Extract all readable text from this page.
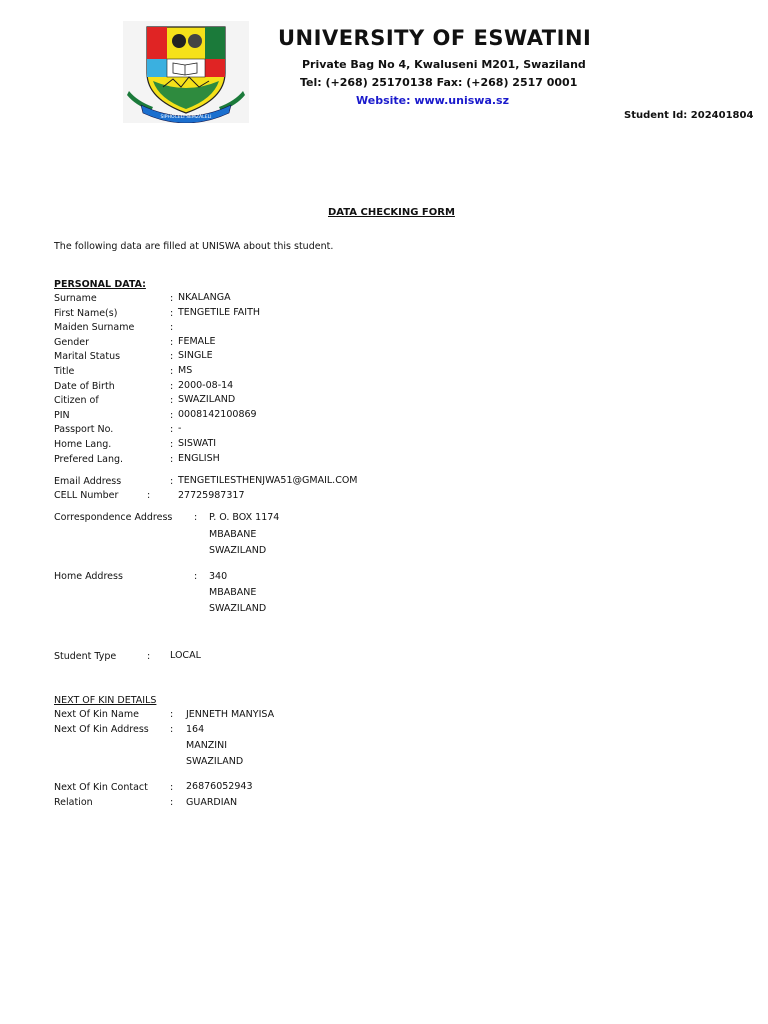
SIPHOCELI SEMZALELI
UNIVERSITY OF ESWATINI
Private Bag No 4, Kwaluseni M201, Swaziland
Tel: (+268) 25170138 Fax: (+268) 2517 0001
Website: www.uniswa.sz
Student Id: 202401804
DATA CHECKING FORM
The following data are filled at UNISWA about this student.
PERSONAL DATA:
Surname	: NKALANGA
First Name(s)	: TENGETILE FAITH
Maiden Surname	:
Gender	: FEMALE
Marital Status	: SINGLE
Title	: MS
Date of Birth	: 2000-08-14
Citizen of	: SWAZILAND
PIN	: 0008142100869
Passport No.	: -
Home Lang.	: SISWATI
Prefered Lang.	: ENGLISH
Email Address	: TENGETILESTHENJWA51@GMAIL.COM
CELL Number	:	27725987317
Correspondence Address : P. O. BOX 1174
MBABANE
SWAZILAND
Home Address	: 340
MBABANE
SWAZILAND
Student Type	: LOCAL
NEXT OF KIN DETAILS
Next Of Kin Name	: JENNETH MANYISA
Next Of Kin Address : 164
MANZINI
SWAZILAND
Next Of Kin Contact : 26876052943
Relation	: GUARDIAN
